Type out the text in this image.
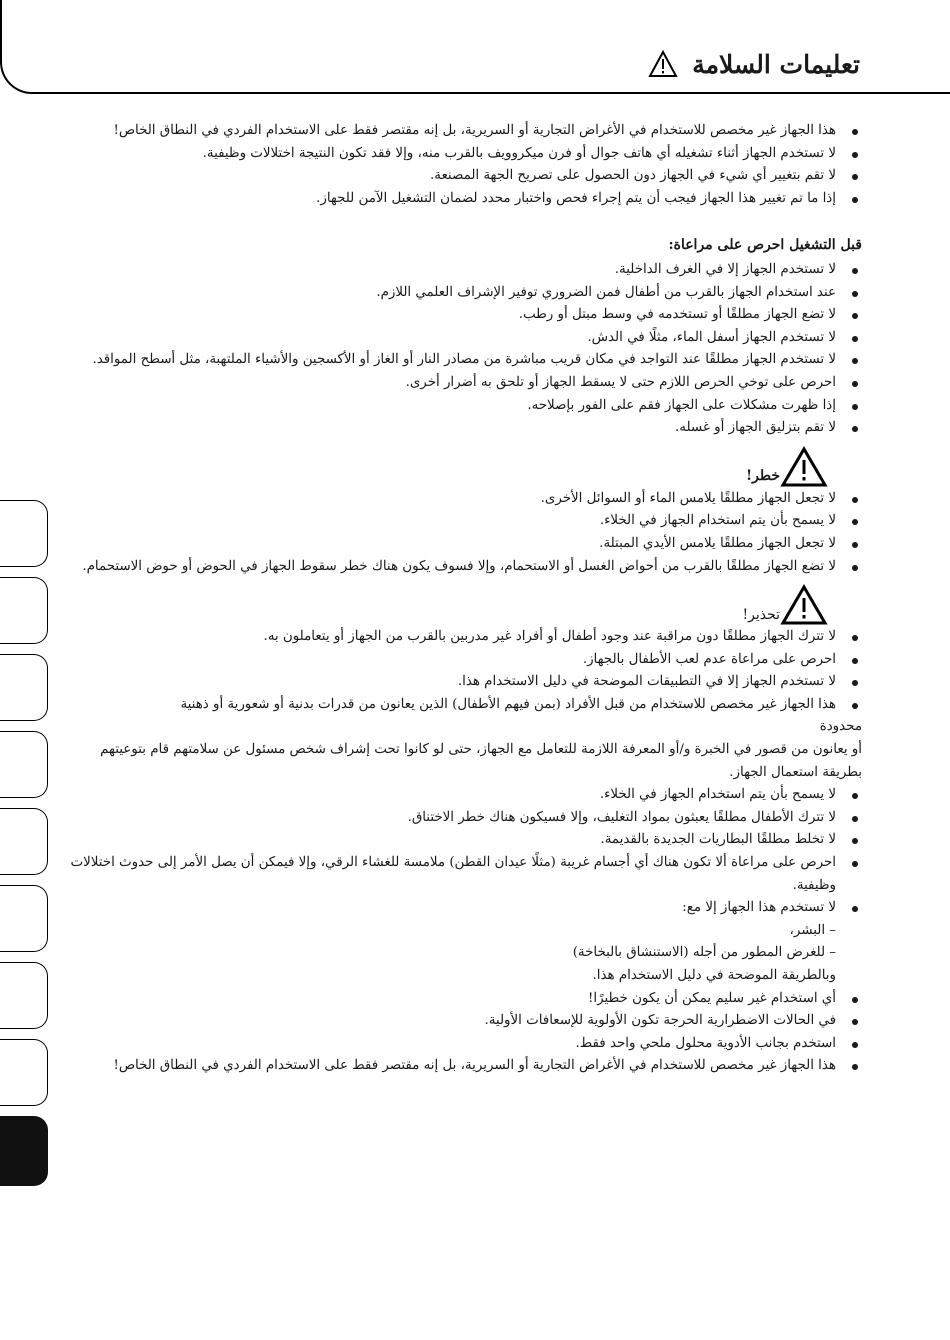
تعليمات السلامة
هذا الجهاز غير مخصص للاستخدام في الأغراض التجارية أو السريرية، بل إنه مقتصر فقط على الاستخدام الفردي في النطاق الخاص!
لا تستخدم الجهاز أثناء تشغيله أي هاتف جوال أو فرن ميكروويف بالقرب منه، وإلا فقد تكون النتيجة اختلالات وظيفية.
لا تقم بتغيير أي شيء في الجهاز دون الحصول على تصريح الجهة المصنعة.
إذا ما تم تغيير هذا الجهاز فيجب أن يتم إجراء فحص واختبار محدد لضمان التشغيل الآمن للجهاز.
قبل التشغيل احرص على مراعاة:
لا تستخدم الجهاز إلا في الغرف الداخلية.
عند استخدام الجهاز بالقرب من أطفال فمن الضروري توفير الإشراف العلمي اللازم.
لا تضع الجهاز مطلقًا أو تستخدمه في وسط مبتل أو رطب.
لا تستخدم الجهاز أسفل الماء، مثلًا في الدش.
لا تستخدم الجهاز مطلقًا عند التواجد في مكان قريب مباشرة من مصادر النار أو الغاز أو الأكسجين والأشياء الملتهبة، مثل أسطح المواقد.
احرص على توخي الحرص اللازم حتى لا يسقط الجهاز أو تلحق به أضرار أخرى.
إذا ظهرت مشكلات على الجهاز فقم على الفور بإصلاحه.
لا تقم بتزليق الجهاز أو غسله.
خطر!
لا تجعل الجهاز مطلقًا يلامس الماء أو السوائل الأخرى.
لا يسمح بأن يتم استخدام الجهاز في الخلاء.
لا تجعل الجهاز مطلقًا يلامس الأيدي المبتلة.
لا تضع الجهاز مطلقًا بالقرب من أحواض الغسل أو الاستحمام، وإلا فسوف يكون هناك خطر سقوط الجهاز في الحوض أو حوض الاستحمام.
تحذير!
لا تترك الجهاز مطلقًا دون مراقبة عند وجود أطفال أو أفراد غير مدربين بالقرب من الجهاز أو يتعاملون به.
احرص على مراعاة عدم لعب الأطفال بالجهاز.
لا تستخدم الجهاز إلا في التطبيقات الموضحة في دليل الاستخدام هذا.
هذا الجهاز غير مخصص للاستخدام من قبل الأفراد (بمن فيهم الأطفال) الذين يعانون من قدرات بدنية أو شعورية أو ذهنية
محدودة
أو يعانون من قصور في الخبرة و/أو المعرفة اللازمة للتعامل مع الجهاز، حتى لو كانوا تحت إشراف شخص مسئول عن سلامتهم قام بتوعيتهم بطريقة استعمال الجهاز.
لا يسمح بأن يتم استخدام الجهاز في الخلاء.
لا تترك الأطفال مطلقًا يعبثون بمواد التغليف، وإلا فسيكون هناك خطر الاختناق.
لا تخلط مطلقًا البطاريات الجديدة بالقديمة.
احرص على مراعاة ألا تكون هناك أي أجسام غريبة (مثلًا عيدان القطن) ملامسة للغشاء الرقي، وإلا فيمكن أن يصل الأمر إلى حدوث اختلالات وظيفية.
لا تستخدم هذا الجهاز إلا مع:
– البشر،
– للغرض المطور من أجله (الاستنشاق بالبخاخة)
وبالطريقة الموضحة في دليل الاستخدام هذا.
أي استخدام غير سليم يمكن أن يكون خطيرًا!
في الحالات الاضطرارية الحرجة تكون الأولوية للإسعافات الأولية.
استخدم بجانب الأدوية محلول ملحي واحد فقط.
هذا الجهاز غير مخصص للاستخدام في الأغراض التجارية أو السريرية، بل إنه مقتصر فقط على الاستخدام الفردي في النطاق الخاص!
